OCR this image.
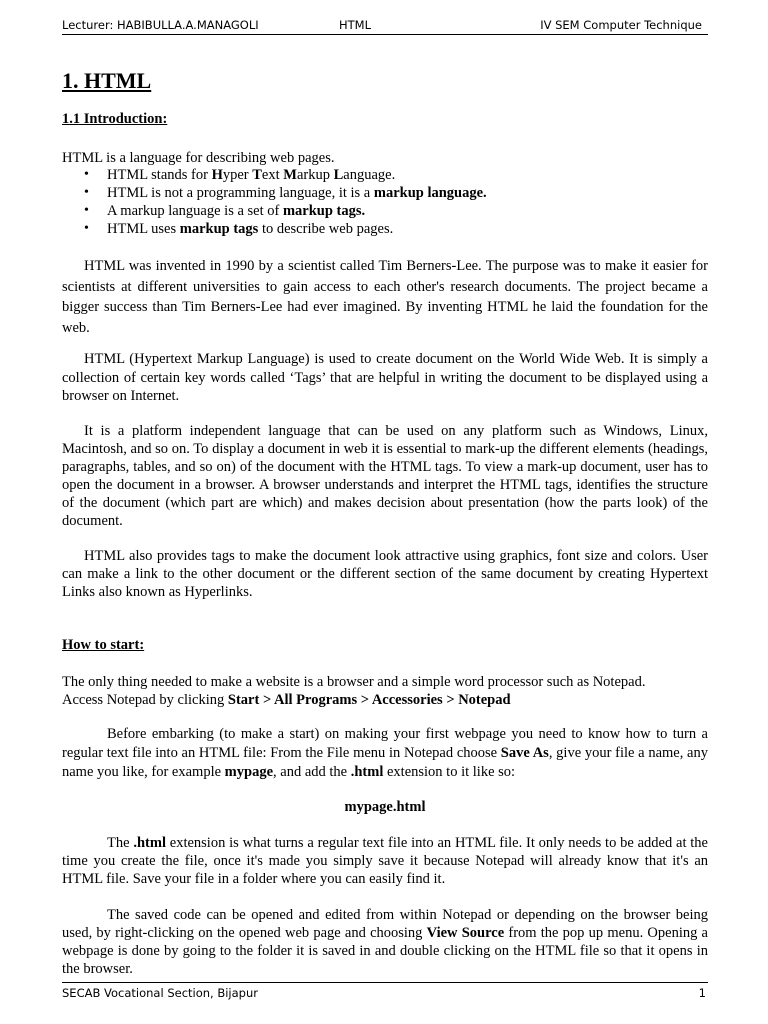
Lecturer: HABIBULLA.A.MANAGOLI	HTML	IV SEM Computer Technique
1. HTML
1.1 Introduction:

HTML is a language for describing web pages.

• HTML stands for Hyper Text Markup Language.
• HTML is not a programming language, it is a markup language.
• A markup language is a set of markup tags.
• HTML uses markup tags to describe web pages.

HTML was invented in 1990 by a scientist called Tim Berners-Lee. The purpose was to make it easier for scientists at different universities to gain access to each other's research documents. The project became a bigger success than Tim Berners-Lee had ever imagined. By inventing HTML he laid the foundation for the web.

HTML (Hypertext Markup Language) is used to create document on the World Wide Web. It is simply a collection of certain key words called ‘Tags’ that are helpful in writing the document to be displayed using a browser on Internet.

It is a platform independent language that can be used on any platform such as Windows, Linux, Macintosh, and so on. To display a document in web it is essential to mark-up the different elements (headings, paragraphs, tables, and so on) of the document with the HTML tags. To view a mark-up document, user has to open the document in a browser. A browser understands and interpret the HTML tags, identifies the structure of the document (which part are which) and makes decision about presentation (how the parts look) of the document.

HTML also provides tags to make the document look attractive using graphics, font size and colors. User can make a link to the other document or the different section of the same document by creating Hypertext Links also known as Hyperlinks.

How to start:

The only thing needed to make a website is a browser and a simple word processor such as Notepad.
Access Notepad by clicking Start > All Programs > Accessories > Notepad

Before embarking (to make a start) on making your first webpage you need to know how to turn a regular text file into an HTML file: From the File menu in Notepad choose Save As, give your file a name, any name you like, for example mypage, and add the .html extension to it like so:

mypage.html

The .html extension is what turns a regular text file into an HTML file. It only needs to be added at the time you create the file, once it's made you simply save it because Notepad will already know that it's an HTML file. Save your file in a folder where you can easily find it.

The saved code can be opened and edited from within Notepad or depending on the browser being used, by right-clicking on the opened web page and choosing View Source from the pop up menu. Opening a webpage is done by going to the folder it is saved in and double clicking on the HTML file so that it opens in the browser.

SECAB Vocational Section, Bijapur	1
